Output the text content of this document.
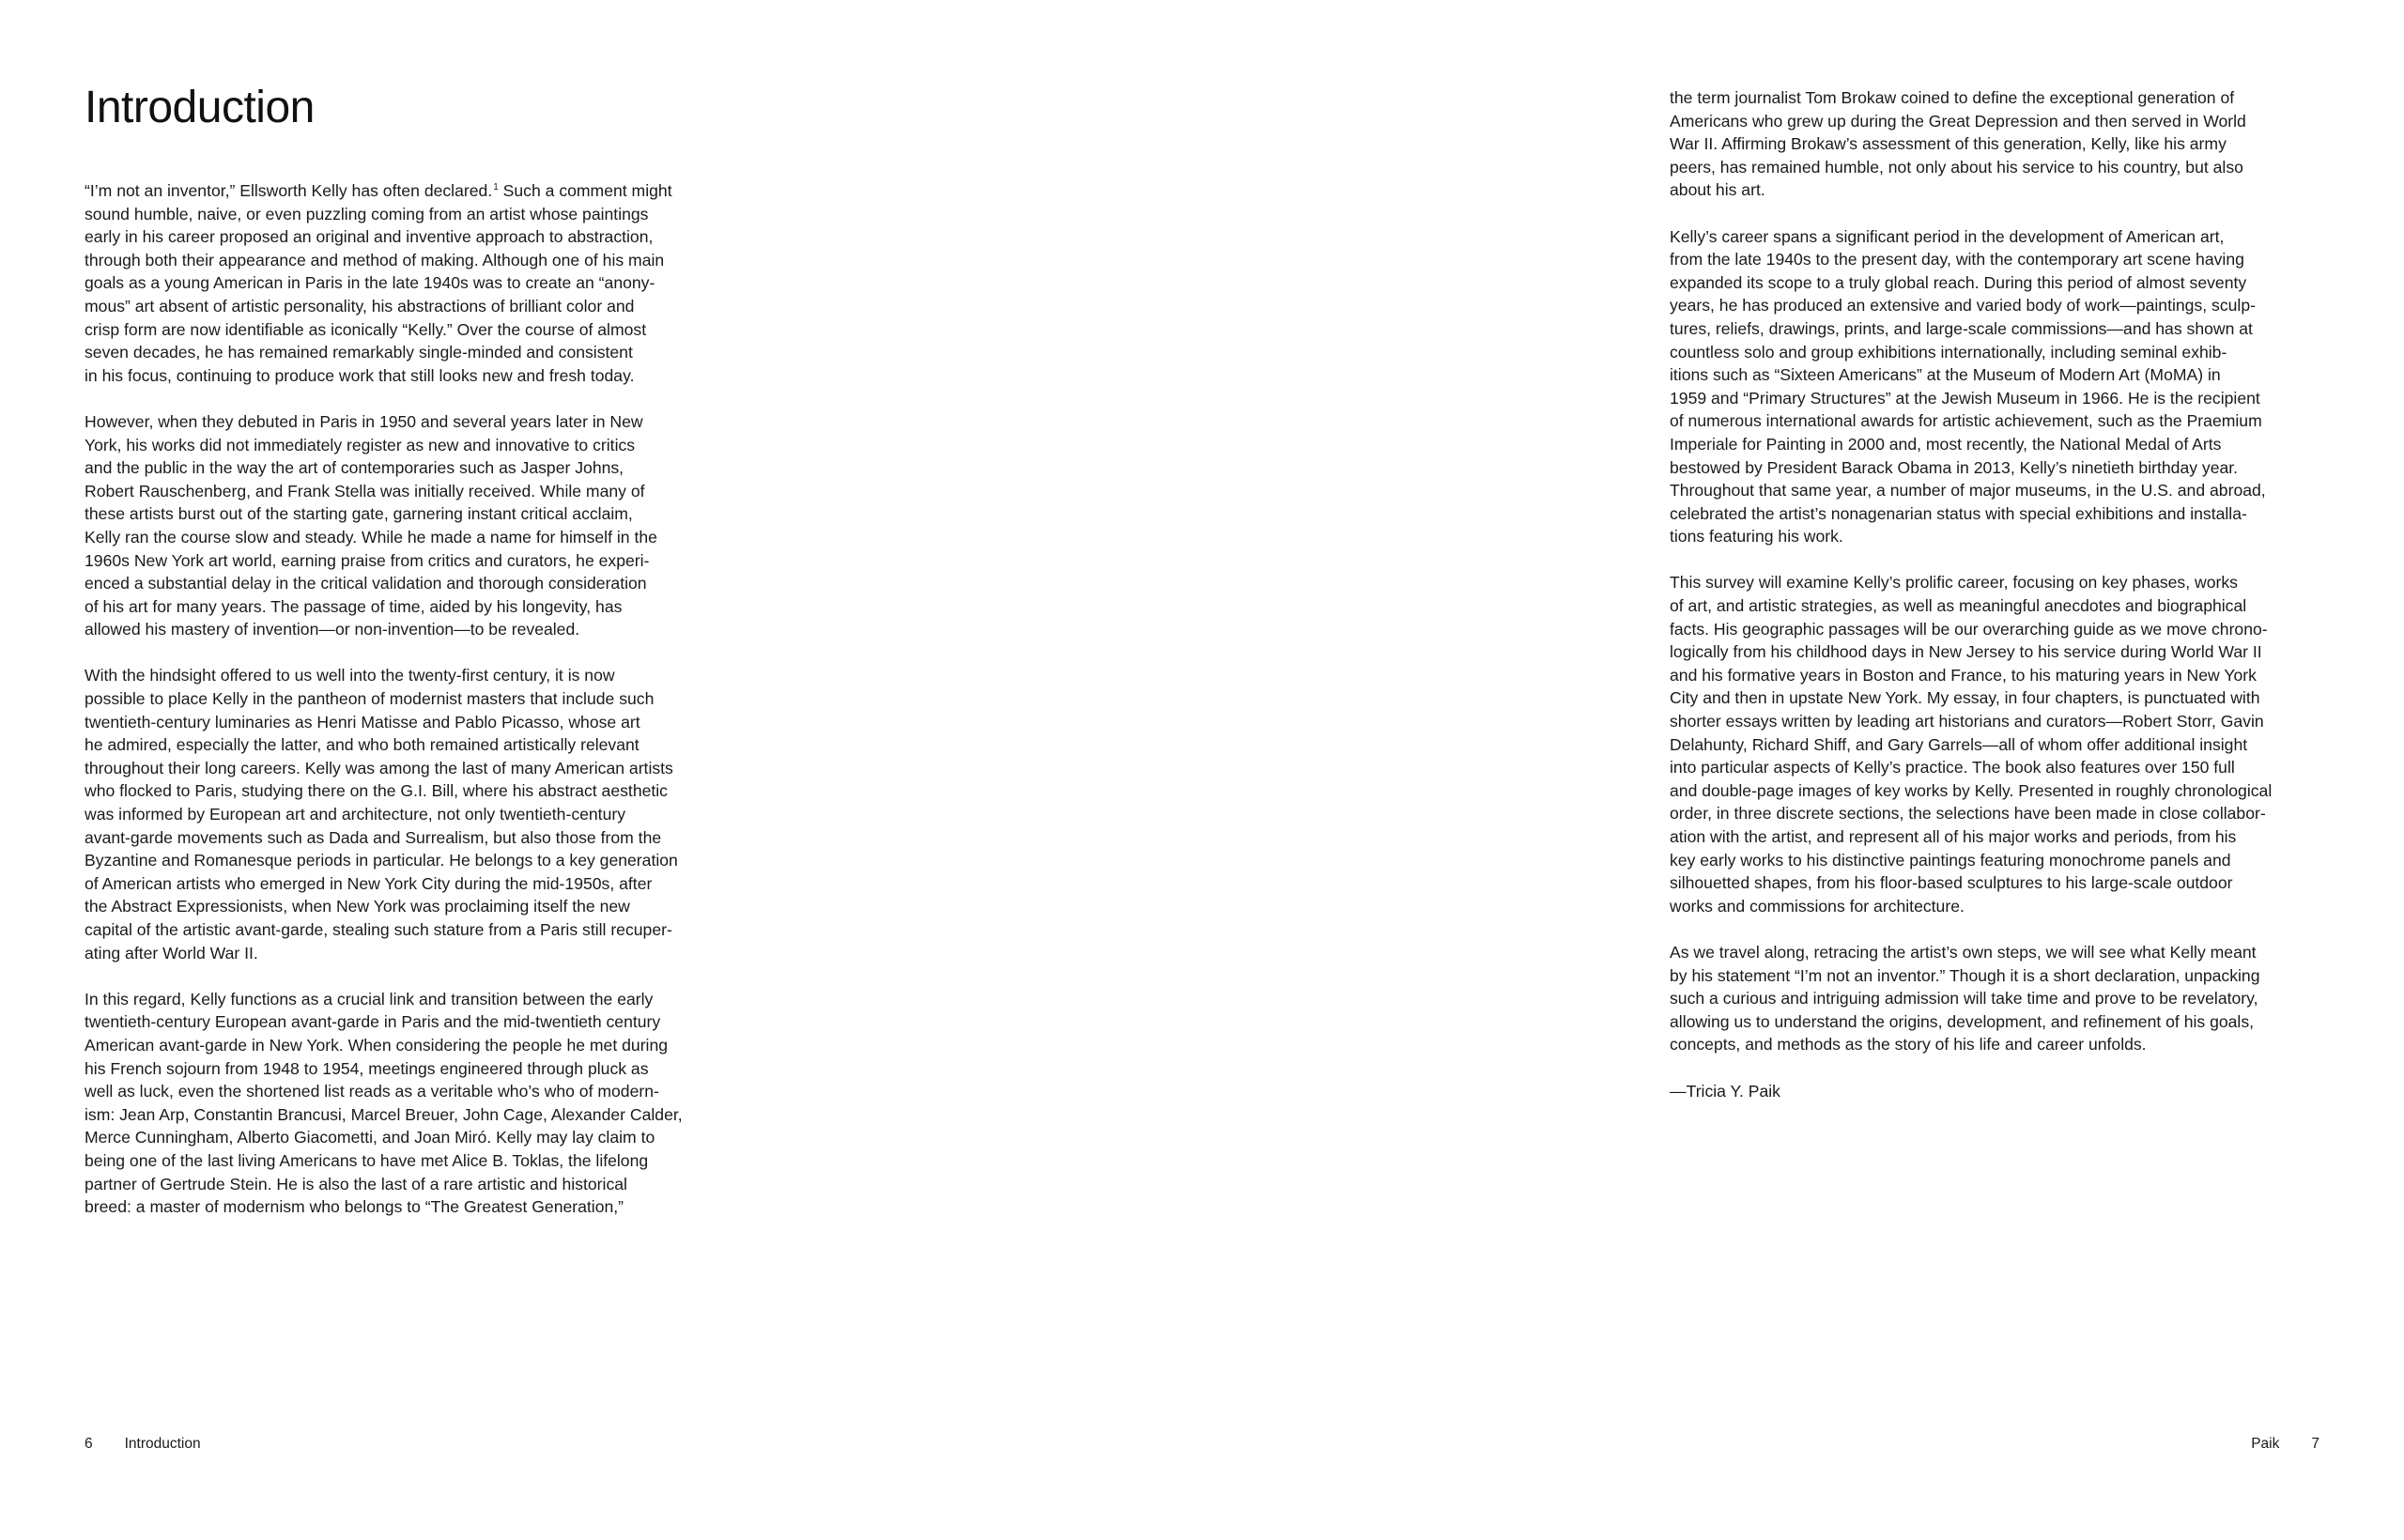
Introduction

“I’m not an inventor,” Ellsworth Kelly has often declared.$^1$ Such a comment might
sound humble, naive, or even puzzling coming from an artist whose paintings
early in his career proposed an original and inventive approach to abstraction,
through both their appearance and method of making. Although one of his main
goals as a young American in Paris in the late 1940s was to create an “anony-
mous” art absent of artistic personality, his abstractions of brilliant color and
crisp form are now identifiable as iconically “Kelly.” Over the course of almost
seven decades, he has remained remarkably single-minded and consistent
in his focus, continuing to produce work that still looks new and fresh today.

However, when they debuted in Paris in 1950 and several years later in New
York, his works did not immediately register as new and innovative to critics
and the public in the way the art of contemporaries such as Jasper Johns,
Robert Rauschenberg, and Frank Stella was initially received. While many of
these artists burst out of the starting gate, garnering instant critical acclaim,
Kelly ran the course slow and steady. While he made a name for himself in the
1960s New York art world, earning praise from critics and curators, he experi-
enced a substantial delay in the critical validation and thorough consideration
of his art for many years. The passage of time, aided by his longevity, has
allowed his mastery of invention—or non-invention—to be revealed.

With the hindsight offered to us well into the twenty-first century, it is now
possible to place Kelly in the pantheon of modernist masters that include such
twentieth-century luminaries as Henri Matisse and Pablo Picasso, whose art
he admired, especially the latter, and who both remained artistically relevant
throughout their long careers. Kelly was among the last of many American artists
who flocked to Paris, studying there on the G.I. Bill, where his abstract aesthetic
was informed by European art and architecture, not only twentieth-century
avant-garde movements such as Dada and Surrealism, but also those from the
Byzantine and Romanesque periods in particular. He belongs to a key generation
of American artists who emerged in New York City during the mid-1950s, after
the Abstract Expressionists, when New York was proclaiming itself the new
capital of the artistic avant-garde, stealing such stature from a Paris still recuper-
ating after World War II.

In this regard, Kelly functions as a crucial link and transition between the early
twentieth-century European avant-garde in Paris and the mid-twentieth century
American avant-garde in New York. When considering the people he met during
his French sojourn from 1948 to 1954, meetings engineered through pluck as
well as luck, even the shortened list reads as a veritable who’s who of modern-
ism: Jean Arp, Constantin Brancusi, Marcel Breuer, John Cage, Alexander Calder,
Merce Cunningham, Alberto Giacometti, and Joan Miró. Kelly may lay claim to
being one of the last living Americans to have met Alice B. Toklas, the lifelong
partner of Gertrude Stein. He is also the last of a rare artistic and historical
breed: a master of modernism who belongs to “The Greatest Generation,”

6 Introduction

the term journalist Tom Brokaw coined to define the exceptional generation of
Americans who grew up during the Great Depression and then served in World
War II. Affirming Brokaw’s assessment of this generation, Kelly, like his army
peers, has remained humble, not only about his service to his country, but also
about his art.

Kelly’s career spans a significant period in the development of American art,
from the late 1940s to the present day, with the contemporary art scene having
expanded its scope to a truly global reach. During this period of almost seventy
years, he has produced an extensive and varied body of work—paintings, sculp-
tures, reliefs, drawings, prints, and large-scale commissions—and has shown at
countless solo and group exhibitions internationally, including seminal exhib-
itions such as “Sixteen Americans” at the Museum of Modern Art (MoMA) in
1959 and “Primary Structures” at the Jewish Museum in 1966. He is the recipient
of numerous international awards for artistic achievement, such as the Praemium
Imperiale for Painting in 2000 and, most recently, the National Medal of Arts
bestowed by President Barack Obama in 2013, Kelly’s ninetieth birthday year.
Throughout that same year, a number of major museums, in the U.S. and abroad,
celebrated the artist’s nonagenarian status with special exhibitions and installa-
tions featuring his work.

This survey will examine Kelly’s prolific career, focusing on key phases, works
of art, and artistic strategies, as well as meaningful anecdotes and biographical
facts. His geographic passages will be our overarching guide as we move chrono-
logically from his childhood days in New Jersey to his service during World War II
and his formative years in Boston and France, to his maturing years in New York
City and then in upstate New York. My essay, in four chapters, is punctuated with
shorter essays written by leading art historians and curators—Robert Storr, Gavin
Delahunty, Richard Shiff, and Gary Garrels—all of whom offer additional insight
into particular aspects of Kelly’s practice. The book also features over 150 full
and double-page images of key works by Kelly. Presented in roughly chronological
order, in three discrete sections, the selections have been made in close collabor-
ation with the artist, and represent all of his major works and periods, from his
key early works to his distinctive paintings featuring monochrome panels and
silhouetted shapes, from his floor-based sculptures to his large-scale outdoor
works and commissions for architecture.

As we travel along, retracing the artist’s own steps, we will see what Kelly meant
by his statement “I’m not an inventor.” Though it is a short declaration, unpacking
such a curious and intriguing admission will take time and prove to be revelatory,
allowing us to understand the origins, development, and refinement of his goals,
concepts, and methods as the story of his life and career unfolds.

—Tricia Y. Paik

Paik 7
